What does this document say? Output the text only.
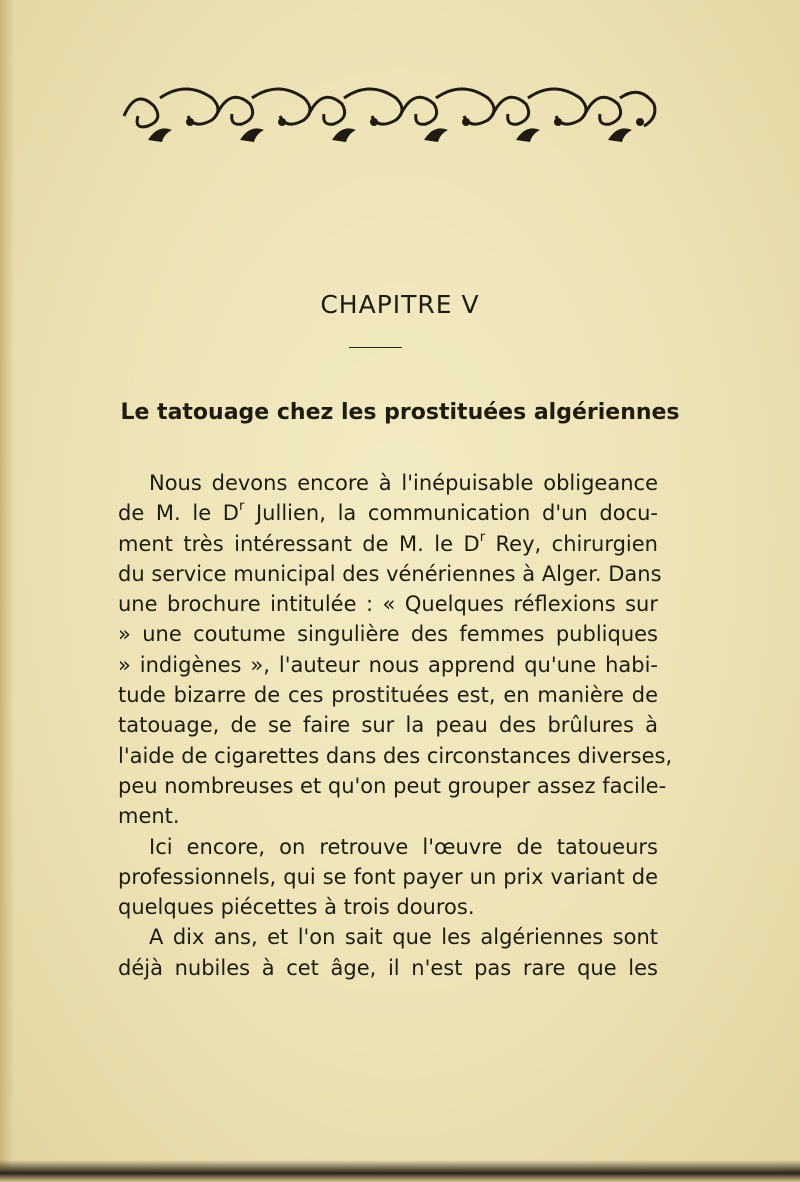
CHAPITRE V
Le tatouage chez les prostituées algériennes
Nous devons encore à l'inépuisable obligeance
de M. le $D^r$ Jullien, la communication d'un docu-
ment très intéressant de M. le $D^r$ Rey, chirurgien
du service municipal des vénériennes à Alger. Dans
une brochure intitulée : « Quelques réflexions sur
» une coutume singulière des femmes publiques
» indigènes », l'auteur nous apprend qu'une habi-
tude bizarre de ces prostituées est, en manière de
tatouage, de se faire sur la peau des brûlures à
l'aide de cigarettes dans des circonstances diverses,
peu nombreuses et qu'on peut grouper assez facile-
ment.
Ici encore, on retrouve l'œuvre de tatoueurs
professionnels, qui se font payer un prix variant de
quelques piécettes à trois douros.
A dix ans, et l'on sait que les algériennes sont
déjà nubiles à cet âge, il n'est pas rare que les
